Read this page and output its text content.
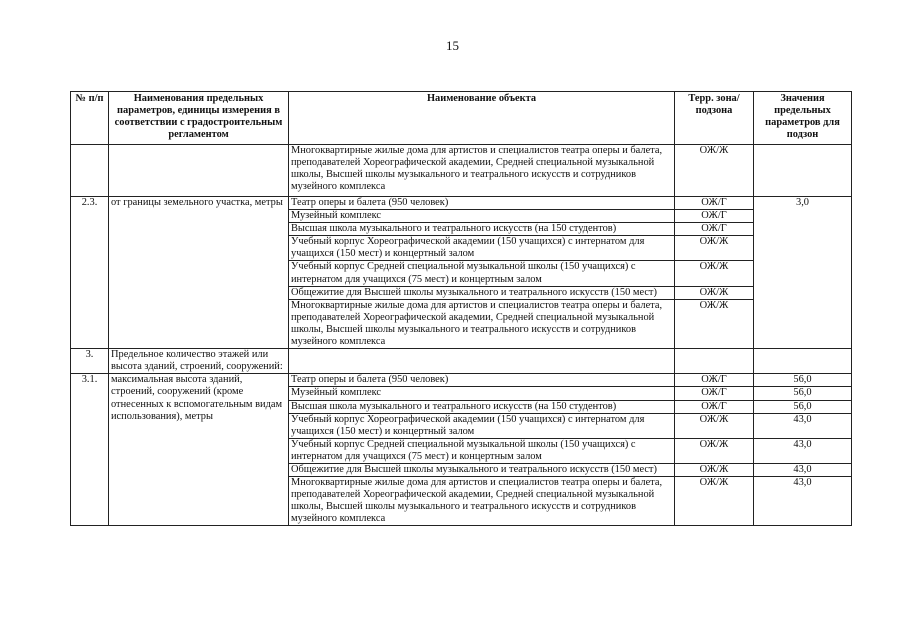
15
№ п/п	Наименования предельных параметров, единицы измерения в соответствии с градостроительным регламентом	Наименование объекта	Терр. зона/подзона	Значения предельных параметров для подзон
		Многоквартирные жилые дома для артистов и специалистов театра оперы и балета, преподавателей Хореографической академии, Средней специальной музыкальной школы, Высшей школы музыкального и театрального искусств и сотрудников музейного комплекса	ОЖ/Ж	
2.3.	от границы земельного участка, метры	Театр оперы и балета (950 человек)	ОЖ/Г	3,0
		Музейный комплекс	ОЖ/Г	
		Высшая школа музыкального и театрального искусств (на 150 студентов)	ОЖ/Г	
		Учебный корпус Хореографической академии (150 учащихся) с интернатом для учащихся (150 мест) и концертный залом	ОЖ/Ж	
		Учебный корпус Средней специальной музыкальной школы (150 учащихся) с интернатом для учащихся (75 мест) и концертным залом	ОЖ/Ж	
		Общежитие для Высшей школы музыкального и театрального искусств (150 мест)	ОЖ/Ж	
		Многоквартирные жилые дома для артистов и специалистов театра оперы и балета, преподавателей Хореографической академии, Средней специальной музыкальной школы, Высшей школы музыкального и театрального искусств и сотрудников музейного комплекса	ОЖ/Ж	
3.	Предельное количество этажей или высота зданий, строений, сооружений:			
3.1.	максимальная высота зданий, строений, сооружений (кроме отнесенных к вспомогательным видам использования), метры	Театр оперы и балета (950 человек)	ОЖ/Г	56,0
		Музейный комплекс	ОЖ/Г	56,0
		Высшая школа музыкального и театрального искусств (на 150 студентов)	ОЖ/Г	56,0
		Учебный корпус Хореографической академии (150 учащихся) с интернатом для учащихся (150 мест) и концертный залом	ОЖ/Ж	43,0
		Учебный корпус Средней специальной музыкальной школы (150 учащихся) с интернатом для учащихся (75 мест) и концертным залом	ОЖ/Ж	43,0
		Общежитие для Высшей школы музыкального и театрального искусств (150 мест)	ОЖ/Ж	43,0
		Многоквартирные жилые дома для артистов и специалистов театра оперы и балета, преподавателей Хореографической академии, Средней специальной музыкальной школы, Высшей школы музыкального и театрального искусств и сотрудников музейного комплекса	ОЖ/Ж	43,0
